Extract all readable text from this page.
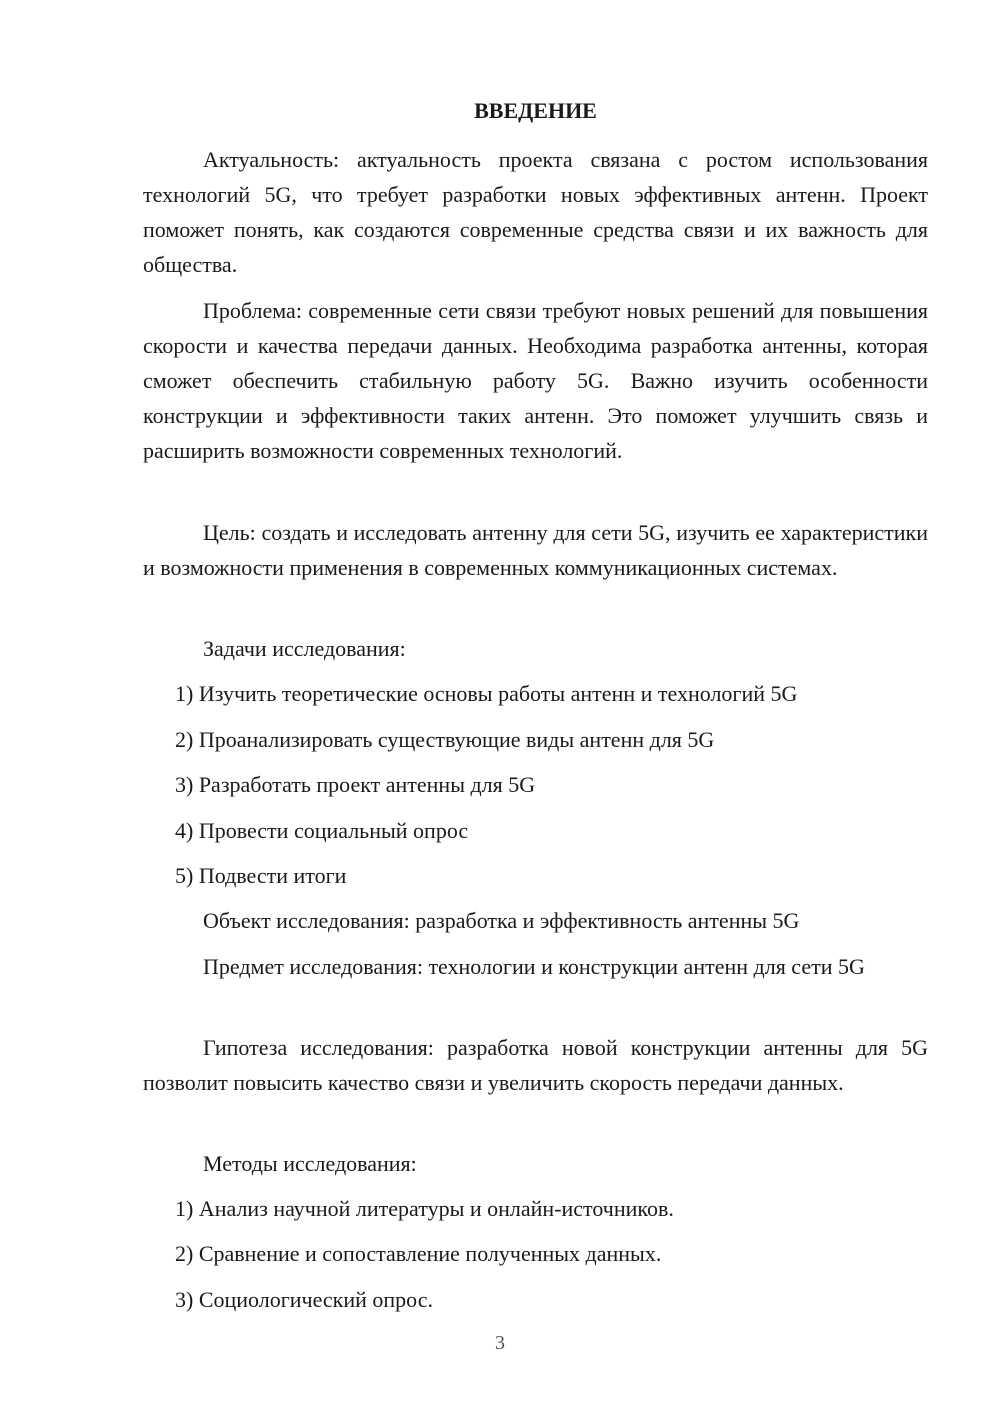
ВВЕДЕНИЕ

Актуальность: актуальность проекта связана с ростом использования технологий 5G, что требует разработки новых эффективных антенн. Проект поможет понять, как создаются современные средства связи и их важность для общества.

Проблема: современные сети связи требуют новых решений для повышения скорости и качества передачи данных. Необходима разработка антенны, которая сможет обеспечить стабильную работу 5G. Важно изучить особенности конструкции и эффективности таких антенн. Это поможет улучшить связь и расширить возможности современных технологий.

Цель: создать и исследовать антенну для сети 5G, изучить ее характеристики и возможности применения в современных коммуникационных системах.

Задачи исследования:

1) Изучить теоретические основы работы антенн и технологий 5G

2) Проанализировать существующие виды антенн для 5G

3) Разработать проект антенны для 5G

4) Провести социальный опрос

5) Подвести итоги

Объект исследования: разработка и эффективность антенны 5G

Предмет исследования: технологии и конструкции антенн для сети 5G

Гипотеза исследования: разработка новой конструкции антенны для 5G позволит повысить качество связи и увеличить скорость передачи данных.

Методы исследования:

1) Анализ научной литературы и онлайн-источников.

2) Сравнение и сопоставление полученных данных.

3) Социологический опрос.

3
